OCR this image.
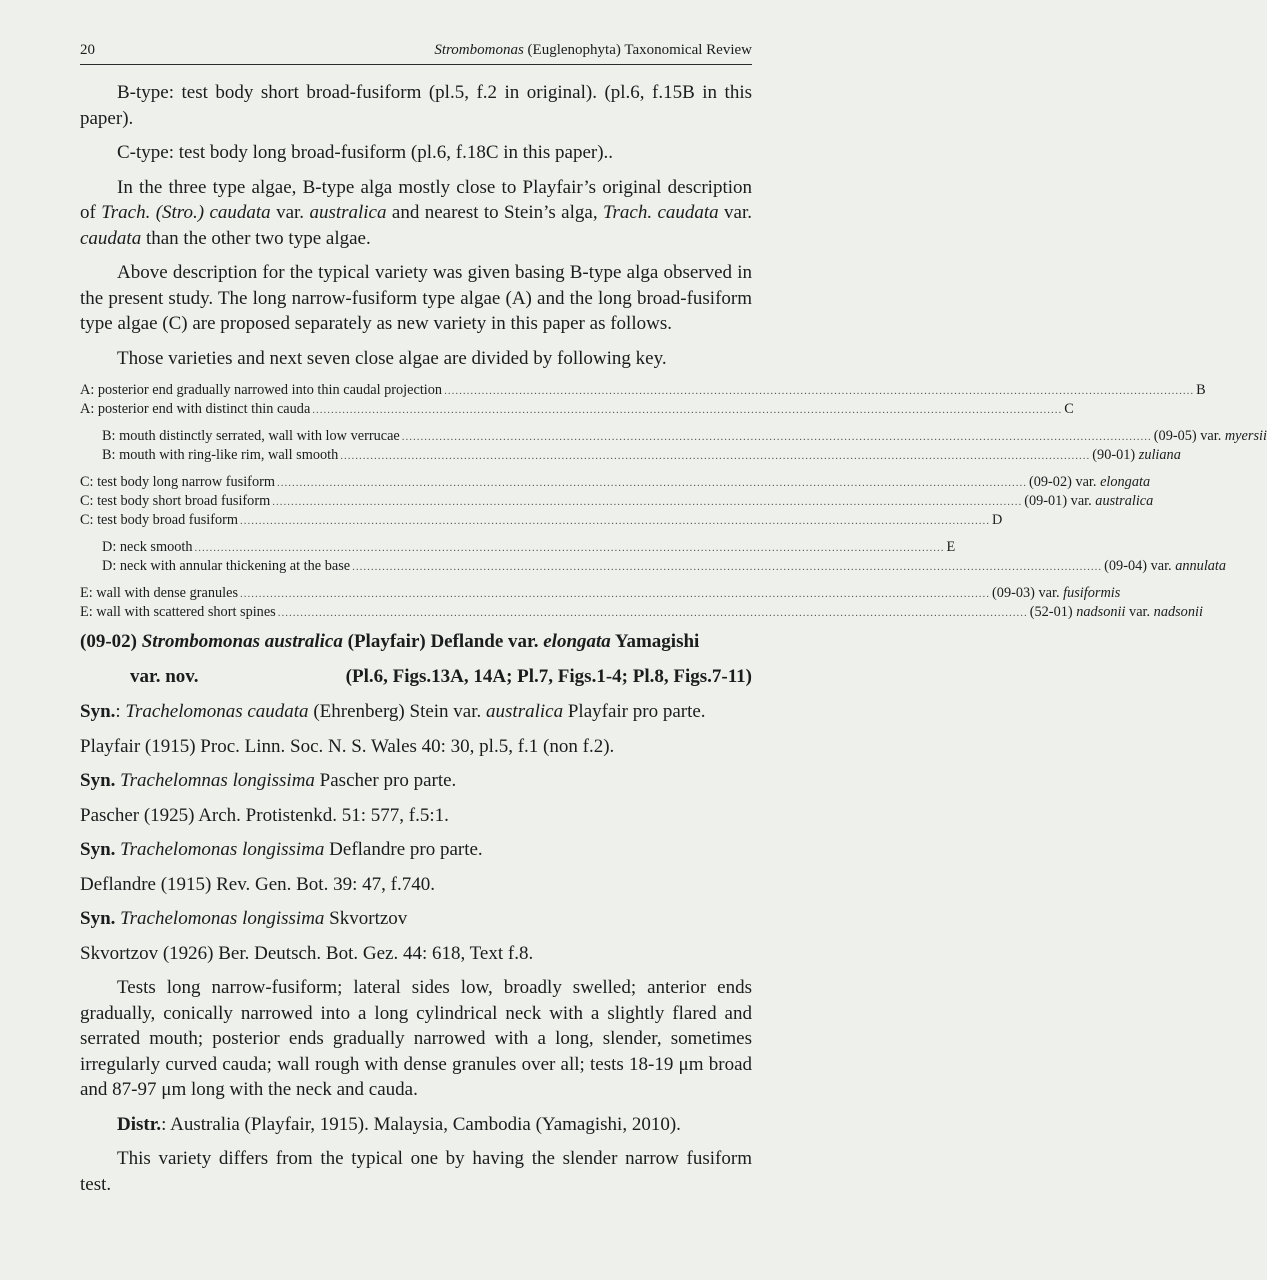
20	Strombomonas (Euglenophyta) Taxonomical Review

B-type: test body short broad-fusiform (pl.5, f.2 in original). (pl.6, f.15B in this paper).

C-type: test body long broad-fusiform (pl.6, f.18C in this paper)..

In the three type algae, B-type alga mostly close to Playfair’s original description of Trach. (Stro.) caudata var. australica and nearest to Stein’s alga, Trach. caudata var. caudata than the other two type algae.

Above description for the typical variety was given basing B-type alga observed in the present study. The long narrow-fusiform type algae (A) and the long broad-fusiform type algae (C) are proposed separately as new variety in this paper as follows.

Those varieties and next seven close algae are divided by following key.

A: posterior end gradually narrowed into thin caudal projection ........................................................................................................................................................................................................ B
A: posterior end with distinct thin cauda ........................................................................................................................................................................................................ C
B: mouth distinctly serrated, wall with low verrucae ........................................................................................................................................................................................................ (09-05) var. myersii
B: mouth with ring-like rim, wall smooth ........................................................................................................................................................................................................ (90-01) zuliana
C: test body long narrow fusiform ........................................................................................................................................................................................................ (09-02) var. elongata
C: test body short broad fusiform ........................................................................................................................................................................................................ (09-01) var. australica
C: test body broad fusiform ........................................................................................................................................................................................................ D
D: neck smooth ........................................................................................................................................................................................................ E
D: neck with annular thickening at the base ........................................................................................................................................................................................................ (09-04) var. annulata
E: wall with dense granules ........................................................................................................................................................................................................ (09-03) var. fusiformis
E: wall with scattered short spines ........................................................................................................................................................................................................ (52-01) nadsonii var. nadsonii

(09-02) Strombomonas australica (Playfair) Deflande var. elongata Yamagishi

var. nov.	(Pl.6, Figs.13A, 14A; Pl.7, Figs.1-4; Pl.8, Figs.7-11)

Syn.: Trachelomonas caudata (Ehrenberg) Stein var. australica Playfair pro parte.

Playfair (1915) Proc. Linn. Soc. N. S. Wales 40: 30, pl.5, f.1 (non f.2).

Syn. Trachelomnas longissima Pascher pro parte.

Pascher (1925) Arch. Protistenkd. 51: 577, f.5:1.

Syn. Trachelomonas longissima Deflandre pro parte.

Deflandre (1915) Rev. Gen. Bot. 39: 47, f.740.

Syn. Trachelomonas longissima Skvortzov

Skvortzov (1926) Ber. Deutsch. Bot. Gez. 44: 618, Text f.8.

Tests long narrow-fusiform; lateral sides low, broadly swelled; anterior ends gradually, conically narrowed into a long cylindrical neck with a slightly flared and serrated mouth; posterior ends gradually narrowed with a long, slender, sometimes irregularly curved cauda; wall rough with dense granules over all; tests 18-19 μm broad and 87-97 μm long with the neck and cauda.

Distr.: Australia (Playfair, 1915). Malaysia, Cambodia (Yamagishi, 2010).

This variety differs from the typical one by having the slender narrow fusiform test.
